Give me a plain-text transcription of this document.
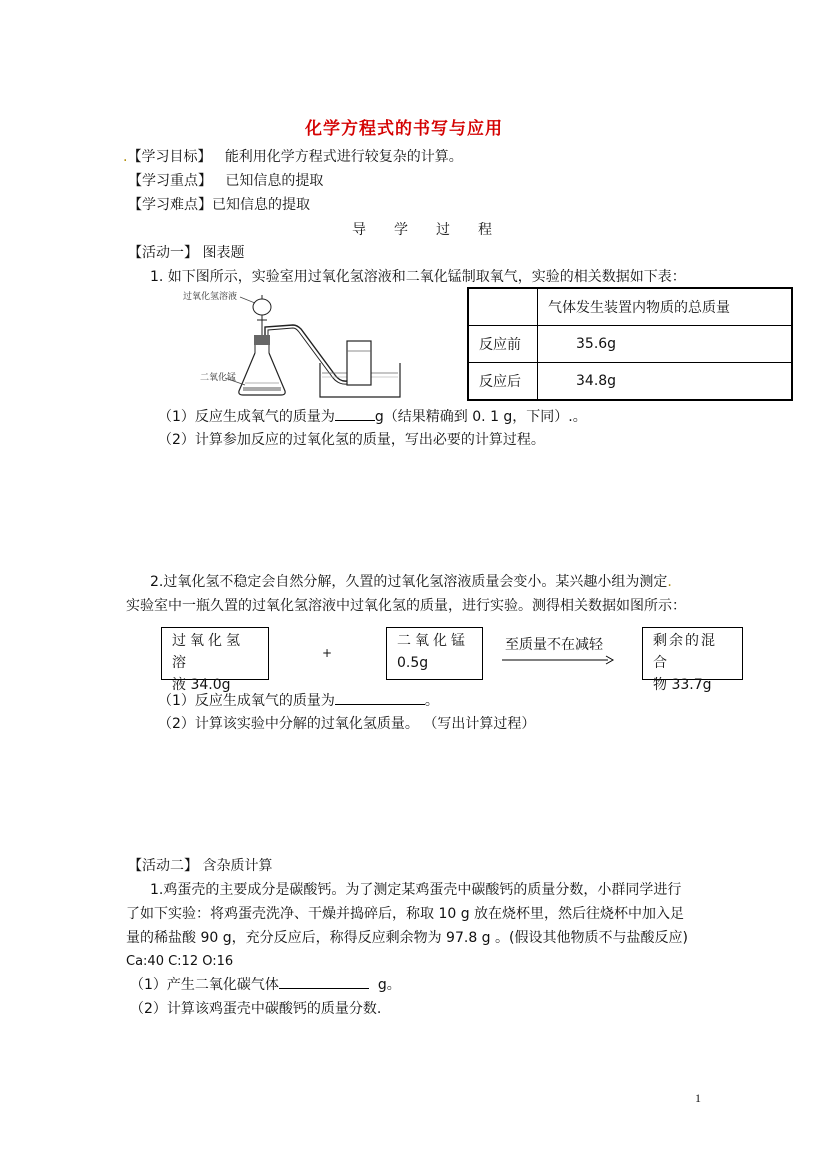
化学方程式的书写与应用
.【学习目标】 能利用化学方程式进行较复杂的计算。
【学习重点】 已知信息的提取
【学习难点】已知信息的提取
导 学 过 程
【活动一】 图表题
1. 如下图所示，实验室用过氧化氢溶液和二氧化锰制取氧气，实验的相关数据如下表：
过氧化氢溶液
二氧化锰
	气体发生装置内物质的总质量
反应前	35.6g
反应后	34.8g
（1）反应生成氧气的质量为	g（结果精确到 0. 1 g，下同）.。
（2）计算参加反应的过氧化氢的质量，写出必要的计算过程。
2.过氧化氢不稳定会自然分解，久置的过氧化氢溶液质量会变小。某兴趣小组为测定.
实验室中一瓶久置的过氧化氢溶液中过氧化氢的质量，进行实验。测得相关数据如图所示：
过氧化氢溶
液 34.0g
+
二氧化锰
0.5g
至质量不在减轻	剩余的混合
物 33.7g
（1）反应生成氧气的质量为	。
（2）计算该实验中分解的过氧化氢质量。 （写出计算过程）
【活动二】 含杂质计算
1.鸡蛋壳的主要成分是碳酸钙。为了测定某鸡蛋壳中碳酸钙的质量分数，小群同学进行
了如下实验：将鸡蛋壳洗净、干燥并捣碎后，称取 10 g 放在烧杯里，然后往烧杯中加入足
量的稀盐酸 90 g，充分反应后，称得反应剩余物为 97.8 g 。(假设其他物质不与盐酸反应)
Ca:40 C:12 O:16
（1）产生二氧化碳气体	g。
（2）计算该鸡蛋壳中碳酸钙的质量分数.
1
